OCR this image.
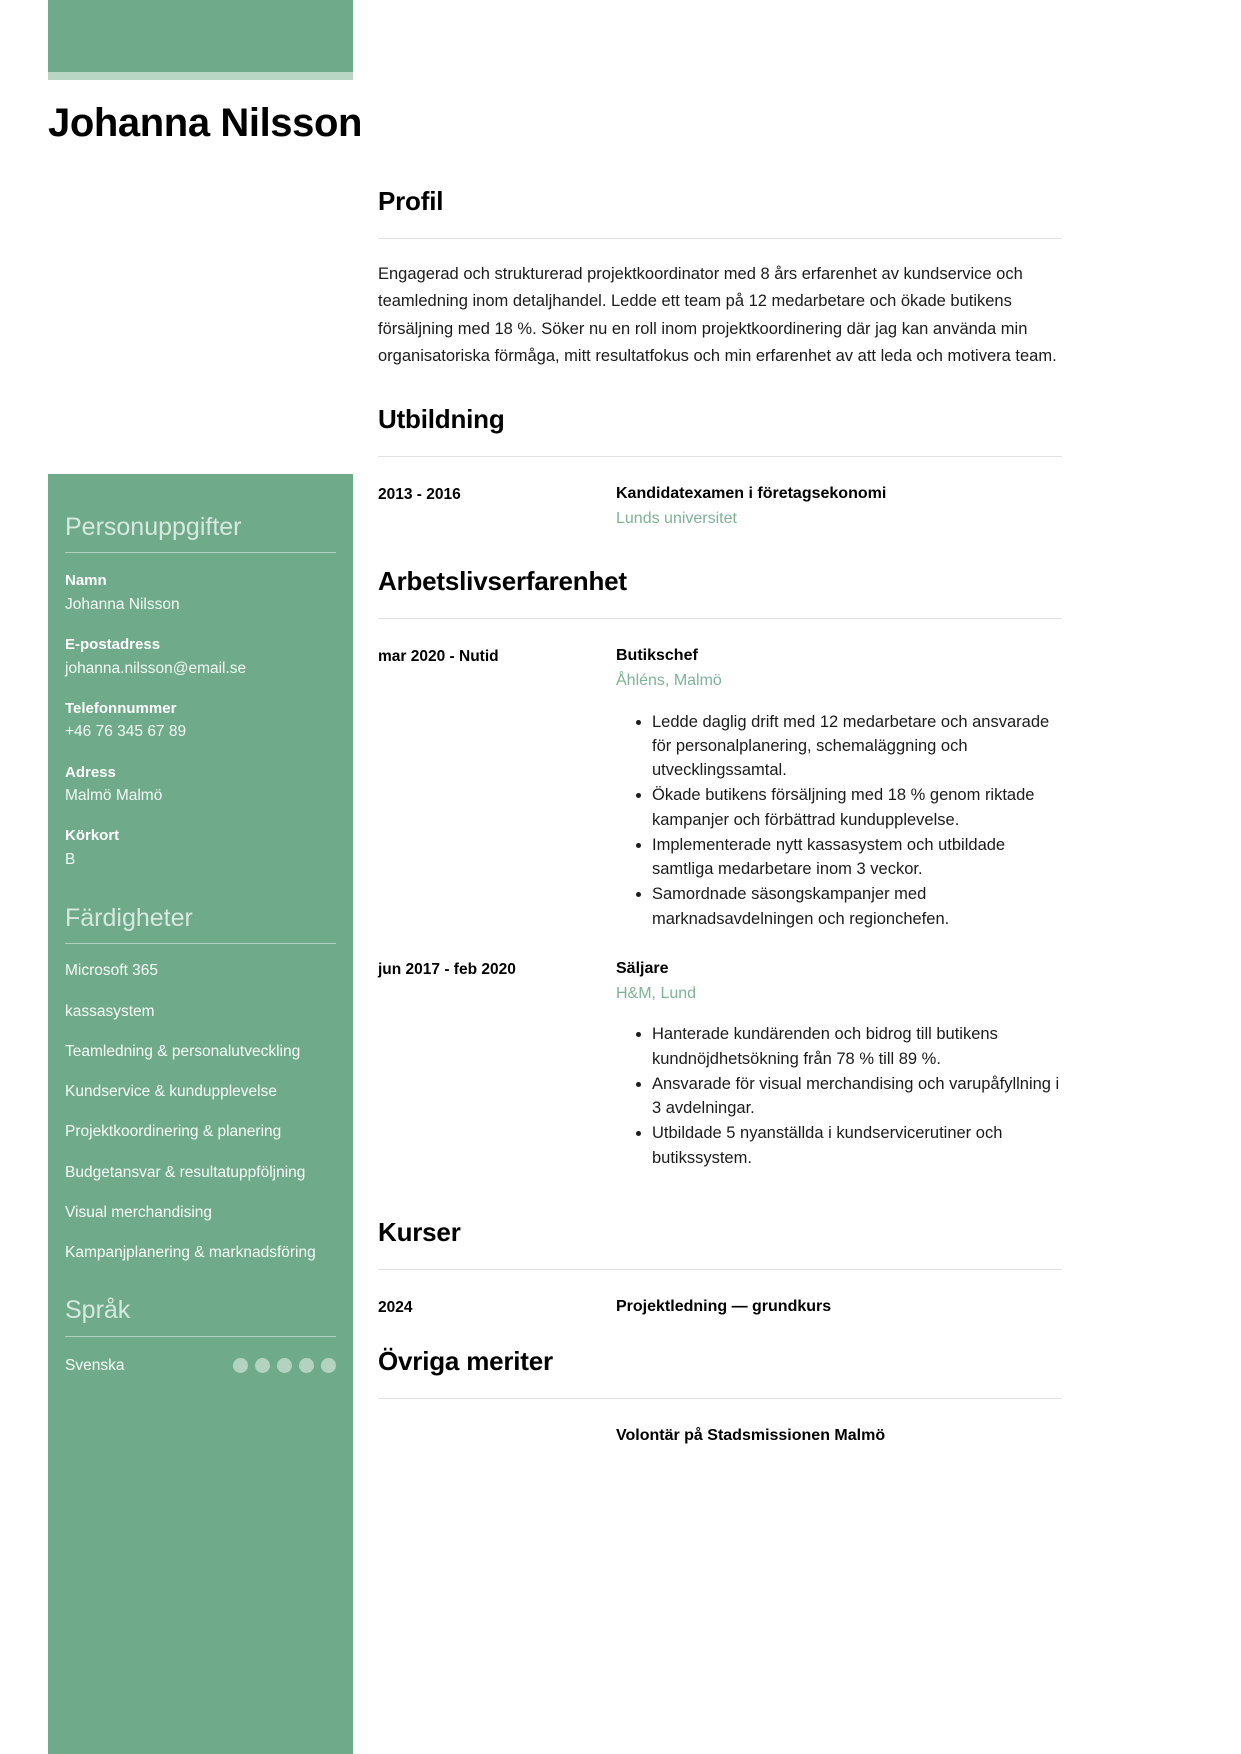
Johanna Nilsson
Personuppgifter
Namn
Johanna Nilsson
E-postadress
johanna.nilsson@email.se
Telefonnummer
+46 76 345 67 89
Adress
Malmö Malmö
Körkort
B
Färdigheter
Microsoft 365
kassasystem
Teamledning & personalutveckling
Kundservice & kundupplevelse
Projektkoordinering & planering
Budgetansvar & resultatuppföljning
Visual merchandising
Kampanjplanering & marknadsföring
Språk
Svenska
Profil

Engagerad och strukturerad projektkoordinator med 8 års erfarenhet av kundservice och teamledning inom detaljhandel. Ledde ett team på 12 medarbetare och ökade butikens försäljning med 18 %. Söker nu en roll inom projektkoordinering där jag kan använda min organisatoriska förmåga, mitt resultatfokus och min erfarenhet av att leda och motivera team.

Utbildning
2013 - 2016	Kandidatexamen i företagsekonomi
Lunds universitet
Arbetslivserfarenhet
mar 2020 - Nutid	Butikschef
Åhléns, Malmö
• Ledde daglig drift med 12 medarbetare och ansvarade för personalplanering, schemaläggning och utvecklingssamtal.
• Ökade butikens försäljning med 18 % genom riktade kampanjer och förbättrad kundupplevelse.
• Implementerade nytt kassasystem och utbildade samtliga medarbetare inom 3 veckor.
• Samordnade säsongskampanjer med marknadsavdelningen och regionchefen.
jun 2017 - feb 2020	Säljare
H&M, Lund
• Hanterade kundärenden och bidrog till butikens kundnöjdhetsökning från 78 % till 89 %.
• Ansvarade för visual merchandising och varupåfyllning i 3 avdelningar.
• Utbildade 5 nyanställda i kundservicerutiner och butikssystem.
Kurser
2024	Projektledning — grundkurs
Övriga meriter
Volontär på Stadsmissionen Malmö
